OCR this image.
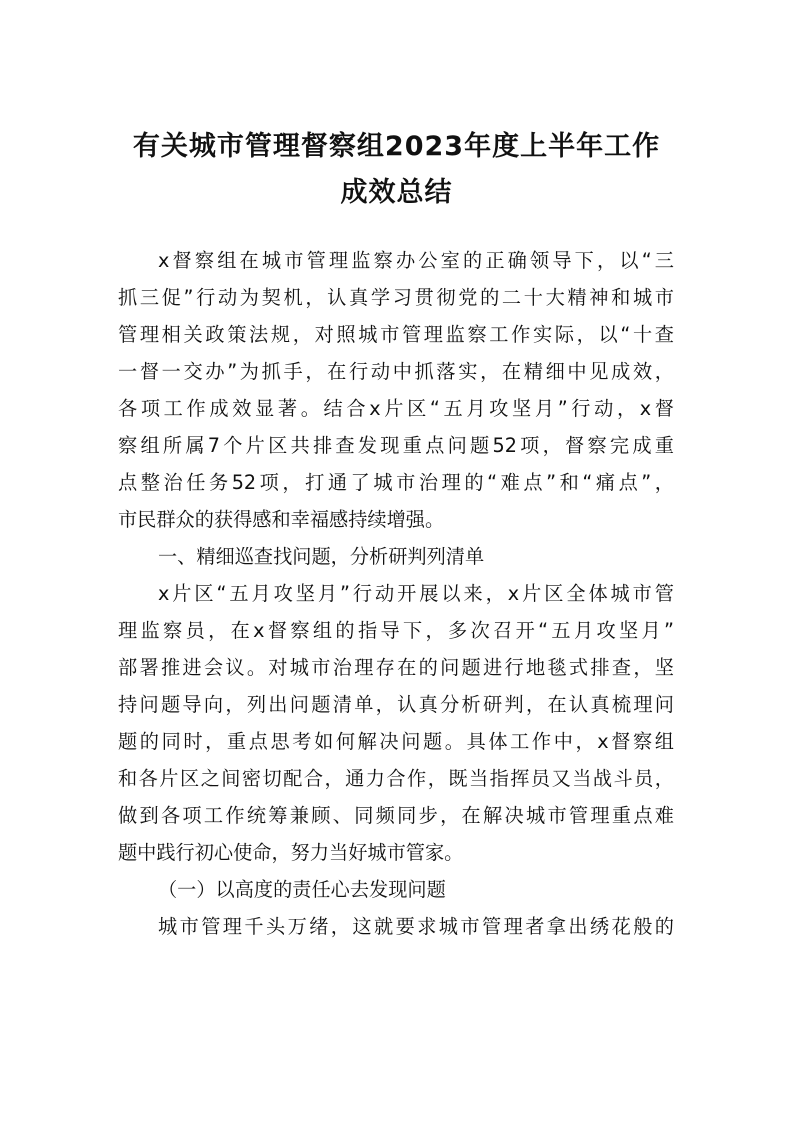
有关城市管理督察组2023年度上半年工作
成效总结

x督察组在城市管理监察办公室的正确领导下，以“三

抓三促”行动为契机，认真学习贯彻党的二十大精神和城市

管理相关政策法规，对照城市管理监察工作实际，以“十查

一督一交办”为抓手，在行动中抓落实，在精细中见成效，

各项工作成效显著。结合x片区“五月攻坚月”行动，x督

察组所属7个片区共排查发现重点问题52项，督察完成重

点整治任务52项，打通了城市治理的“难点”和“痛点”，

市民群众的获得感和幸福感持续增强。

一、精细巡查找问题，分析研判列清单

x片区“五月攻坚月”行动开展以来，x片区全体城市管

理监察员，在x督察组的指导下，多次召开“五月攻坚月”

部署推进会议。对城市治理存在的问题进行地毯式排查，坚

持问题导向，列出问题清单，认真分析研判，在认真梳理问

题的同时，重点思考如何解决问题。具体工作中，x督察组

和各片区之间密切配合，通力合作，既当指挥员又当战斗员，

做到各项工作统筹兼顾、同频同步，在解决城市管理重点难

题中践行初心使命，努力当好城市管家。

（一）以高度的责任心去发现问题

城市管理千头万绪，这就要求城市管理者拿出绣花般的
